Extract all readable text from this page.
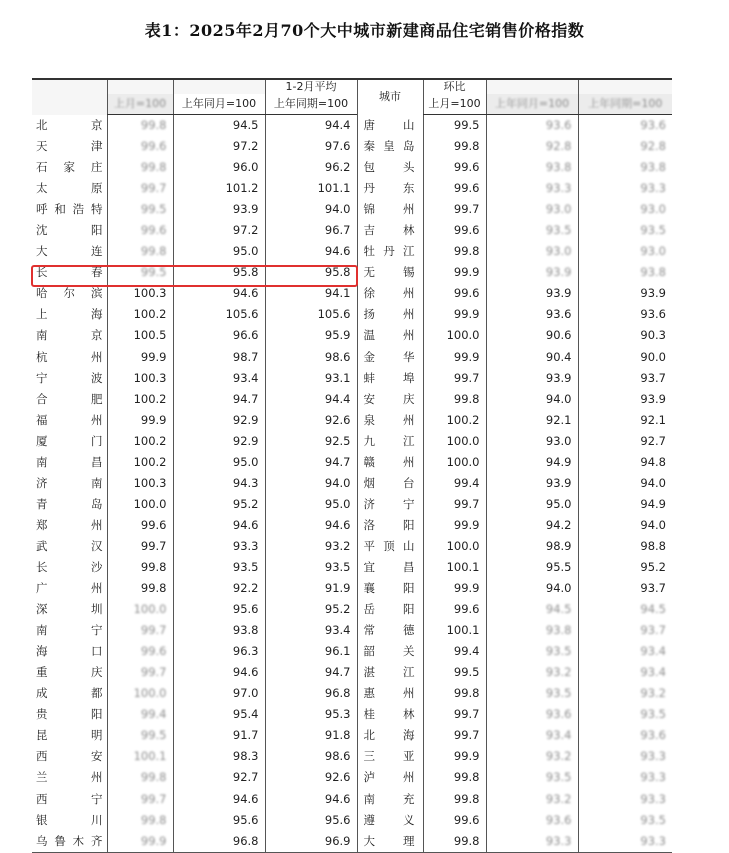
表1：2025年2月70个大中城市新建商品住宅销售价格指数
			1-2月平均	城市	环比		
	上月=100	上年同月=100	上年同期=100		上月=100	上年同月=100	上年同期=100
北京	99.8	94.5	94.4	唐山	99.5	93.6	93.6
天津	99.6	97.2	97.6	秦皇岛	99.8	92.8	92.8
石家庄	99.8	96.0	96.2	包头	99.6	93.8	93.8
太原	99.7	101.2	101.1	丹东	99.6	93.3	93.3
呼和浩特	99.5	93.9	94.0	锦州	99.7	93.0	93.0
沈阳	99.6	97.2	96.7	吉林	99.6	93.5	93.5
大连	99.8	95.0	94.6	牡丹江	99.8	93.0	93.0
长春	99.5	95.8	95.8	无锡	99.9	93.9	93.8
哈尔滨	100.3	94.6	94.1	徐州	99.6	93.9	93.9
上海	100.2	105.6	105.6	扬州	99.9	93.6	93.6
南京	100.5	96.6	95.9	温州	100.0	90.6	90.3
杭州	99.9	98.7	98.6	金华	99.9	90.4	90.0
宁波	100.3	93.4	93.1	蚌埠	99.7	93.9	93.7
合肥	100.2	94.7	94.4	安庆	99.8	94.0	93.9
福州	99.9	92.9	92.6	泉州	100.2	92.1	92.1
厦门	100.2	92.9	92.5	九江	100.0	93.0	92.7
南昌	100.2	95.0	94.7	赣州	100.0	94.9	94.8
济南	100.3	94.3	94.0	烟台	99.4	93.9	94.0
青岛	100.0	95.2	95.0	济宁	99.7	95.0	94.9
郑州	99.6	94.6	94.6	洛阳	99.9	94.2	94.0
武汉	99.7	93.3	93.2	平顶山	100.0	98.9	98.8
长沙	99.8	93.5	93.5	宜昌	100.1	95.5	95.2
广州	99.8	92.2	91.9	襄阳	99.9	94.0	93.7
深圳	100.0	95.6	95.2	岳阳	99.6	94.5	94.5
南宁	99.7	93.8	93.4	常德	100.1	93.8	93.7
海口	99.6	96.3	96.1	韶关	99.4	93.5	93.4
重庆	99.7	94.6	94.7	湛江	99.5	93.2	93.4
成都	100.0	97.0	96.8	惠州	99.8	93.5	93.2
贵阳	99.4	95.4	95.3	桂林	99.7	93.6	93.5
昆明	99.5	91.7	91.8	北海	99.7	93.4	93.6
西安	100.1	98.3	98.6	三亚	99.9	93.2	93.3
兰州	99.8	92.7	92.6	泸州	99.8	93.5	93.3
西宁	99.7	94.6	94.6	南充	99.8	93.2	93.3
银川	99.8	95.6	95.6	遵义	99.6	93.6	93.5
乌鲁木齐	99.9	96.8	96.9	大理	99.8	93.3	93.3
